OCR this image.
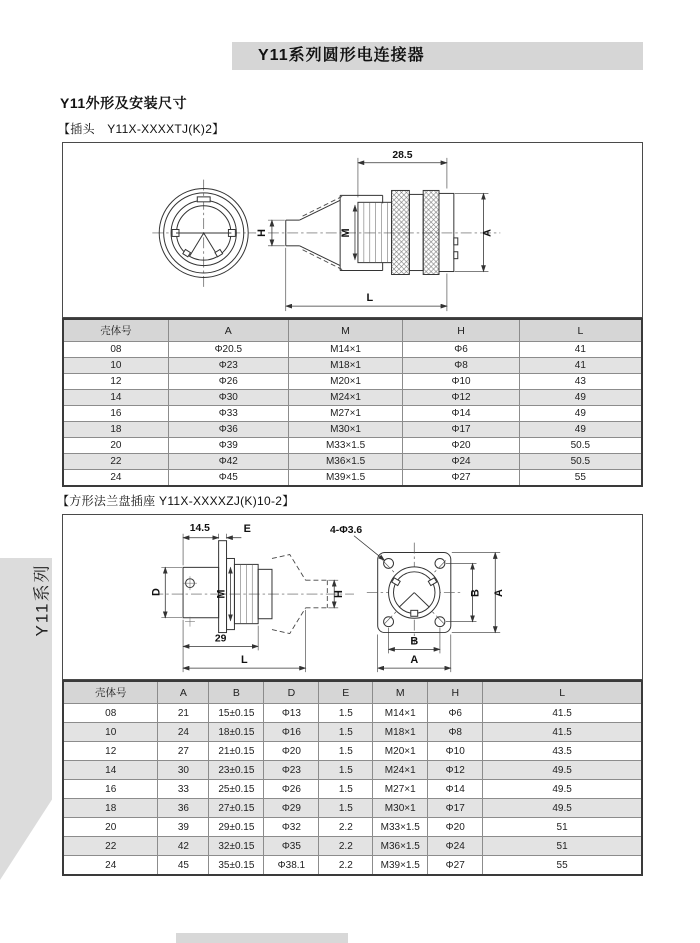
Y11系列圆形电连接器
Y11外形及安装尺寸
【插头　Y11X-XXXXTJ(K)2】
M
28.5
H	A
L
壳体号	A	M	H	L
08	Φ20.5	M14×1	Φ6	41
10	Φ23	M18×1	Φ8	41
12	Φ26	M20×1	Φ10	43
14	Φ30	M24×1	Φ12	49
16	Φ33	M27×1	Φ14	49
18	Φ36	M30×1	Φ17	49
20	Φ39	M33×1.5	Φ20	50.5
22	Φ42	M36×1.5	Φ24	50.5
24	Φ45	M39×1.5	Φ27	55
【方形法兰盘插座 Y11X-XXXXZJ(K)10-2】
M	H
D
14.5	E
29
L
4-Φ3.6
B A
B
A
壳体号	A	B	D	E	M	H	L
08	21	15±0.15	Φ13	1.5	M14×1	Φ6	41.5
10	24	18±0.15	Φ16	1.5	M18×1	Φ8	41.5
12	27	21±0.15	Φ20	1.5	M20×1	Φ10	43.5
14	30	23±0.15	Φ23	1.5	M24×1	Φ12	49.5
16	33	25±0.15	Φ26	1.5	M27×1	Φ14	49.5
18	36	27±0.15	Φ29	1.5	M30×1	Φ17	49.5
20	39	29±0.15	Φ32	2.2	M33×1.5	Φ20	51
22	42	32±0.15	Φ35	2.2	M36×1.5	Φ24	51
24	45	35±0.15	Φ38.1	2.2	M39×1.5	Φ27	55
Y11系列
